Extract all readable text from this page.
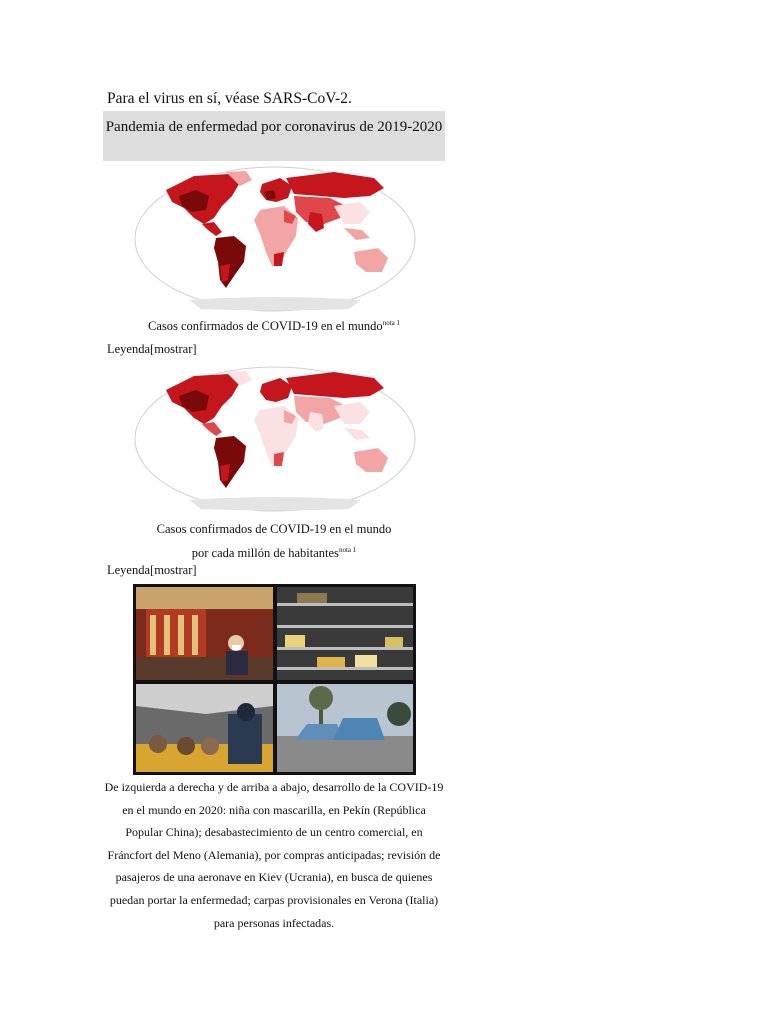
Para el virus en sí, véase SARS-CoV-2.
Pandemia de enfermedad por coronavirus de 2019-2020
Casos confirmados de COVID-19 en el mundo$^{nota 1}$
Leyenda[mostrar]
Casos confirmados de COVID-19 en el mundo
por cada millón de habitantes$^{nota 1}$
Leyenda[mostrar]
De izquierda a derecha y de arriba a abajo, desarrollo de la COVID-19 en el mundo en 2020: niña con mascarilla, en Pekín (República Popular China); desabastecimiento de un centro comercial, en Fráncfort del Meno (Alemania), por compras anticipadas; revisión de pasajeros de una aeronave en Kiev (Ucrania), en busca de quienes puedan portar la enfermedad; carpas provisionales en Verona (Italia) para personas infectadas.
